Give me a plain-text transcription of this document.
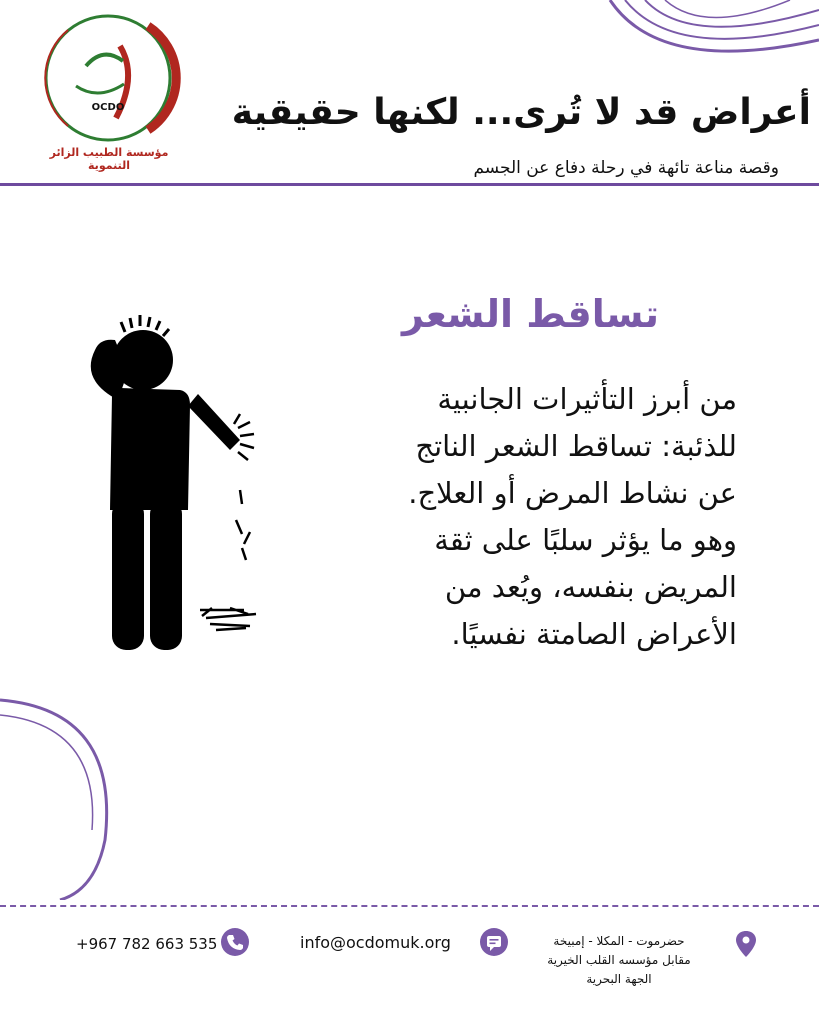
OCDO
مؤسسة الطبيب الزائر التنموية
أعراض قد لا تُرى... لكنها حقيقية
وقصة مناعة تائهة في رحلة دفاع عن الجسم
تساقط الشعر
من أبرز التأثيرات الجانبية
للذئبة: تساقط الشعر الناتج
عن نشاط المرض أو العلاج.
وهو ما يؤثر سلبًا على ثقة
المريض بنفسه، ويُعد من
الأعراض الصامتة نفسيًا.
+967 782 663 535	info@ocdomuk.org	حضرموت - المكلا - إمبيخة
مقابل مؤسسه القلب الخيرية
الجهة البحرية
